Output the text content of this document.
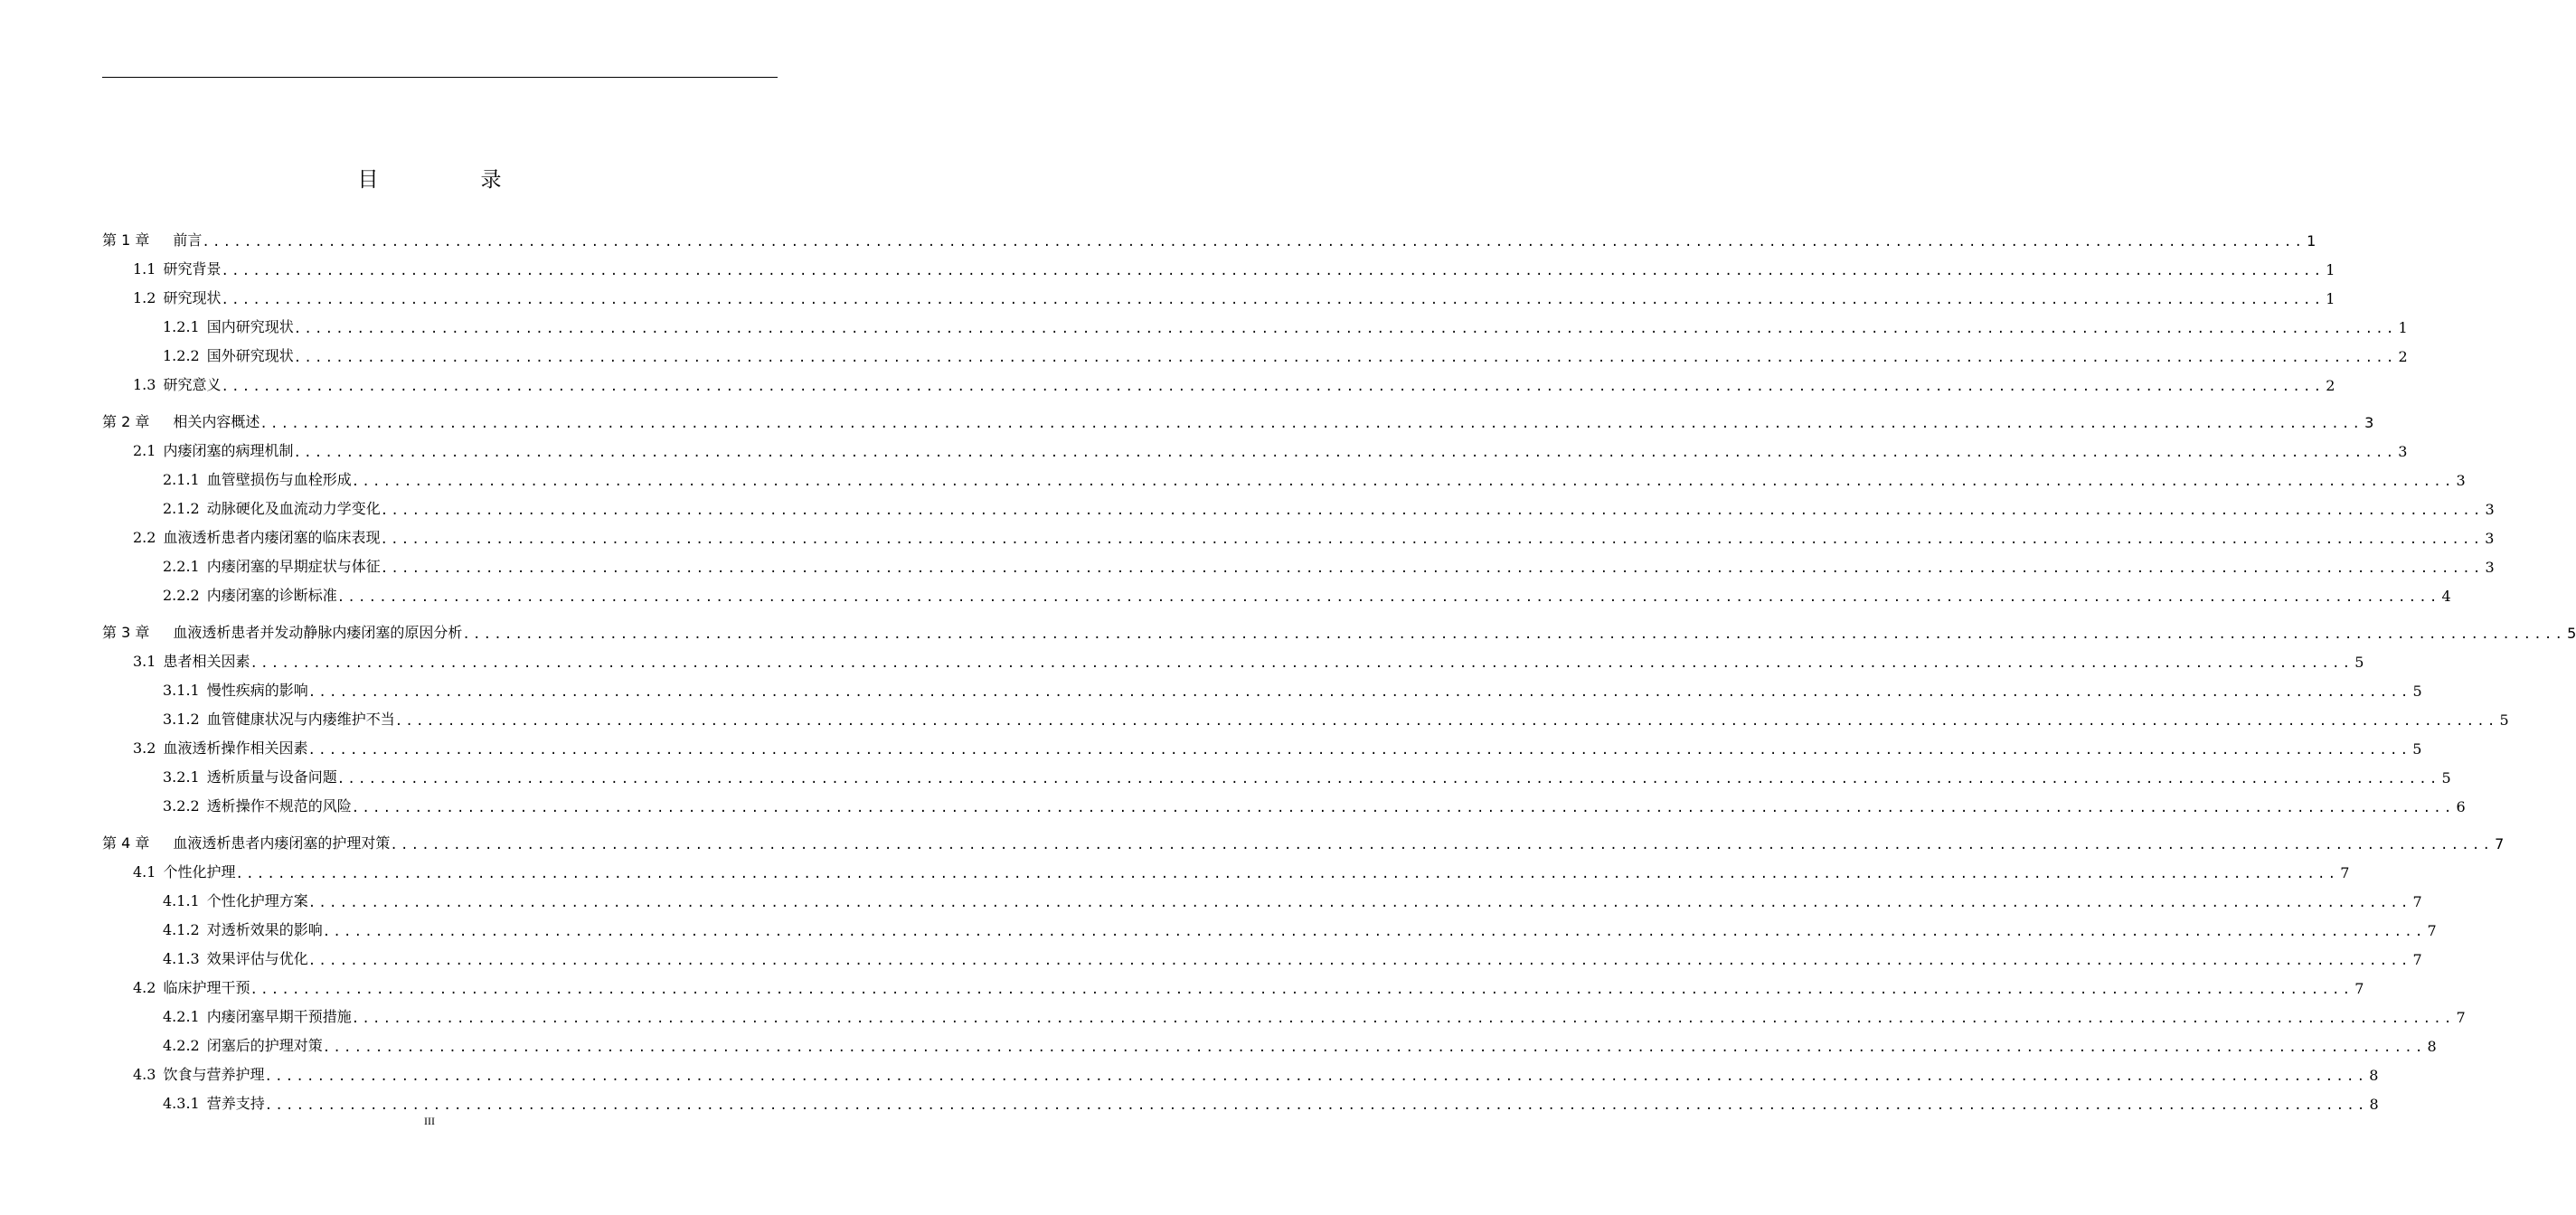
目　录
第 1 章 前言 ........................................................................................................................................................................................................ 1
1.1 研究背景 ........................................................................................................................................................................................................ 1
1.2 研究现状 ........................................................................................................................................................................................................ 1
1.2.1 国内研究现状 ........................................................................................................................................................................................................ 1
1.2.2 国外研究现状 ........................................................................................................................................................................................................ 2
1.3 研究意义 ........................................................................................................................................................................................................ 2
第 2 章 相关内容概述 ........................................................................................................................................................................................................ 3
2.1 内瘘闭塞的病理机制 ........................................................................................................................................................................................................ 3
2.1.1 血管壁损伤与血栓形成 ........................................................................................................................................................................................................ 3
2.1.2 动脉硬化及血流动力学变化 ........................................................................................................................................................................................................ 3
2.2 血液透析患者内瘘闭塞的临床表现 ........................................................................................................................................................................................................ 3
2.2.1 内瘘闭塞的早期症状与体征 ........................................................................................................................................................................................................ 3
2.2.2 内瘘闭塞的诊断标准 ........................................................................................................................................................................................................ 4
第 3 章 血液透析患者并发动静脉内瘘闭塞的原因分析 ........................................................................................................................................................................................................ 5
3.1 患者相关因素 ........................................................................................................................................................................................................ 5
3.1.1 慢性疾病的影响 ........................................................................................................................................................................................................ 5
3.1.2 血管健康状况与内瘘维护不当 ........................................................................................................................................................................................................ 5
3.2 血液透析操作相关因素 ........................................................................................................................................................................................................ 5
3.2.1 透析质量与设备问题 ........................................................................................................................................................................................................ 5
3.2.2 透析操作不规范的风险 ........................................................................................................................................................................................................ 6
第 4 章 血液透析患者内瘘闭塞的护理对策 ........................................................................................................................................................................................................ 7
4.1 个性化护理 ........................................................................................................................................................................................................ 7
4.1.1 个性化护理方案 ........................................................................................................................................................................................................ 7
4.1.2 对透析效果的影响 ........................................................................................................................................................................................................ 7
4.1.3 效果评估与优化 ........................................................................................................................................................................................................ 7
4.2 临床护理干预 ........................................................................................................................................................................................................ 7
4.2.1 内瘘闭塞早期干预措施 ........................................................................................................................................................................................................ 7
4.2.2 闭塞后的护理对策 ........................................................................................................................................................................................................ 8
4.3 饮食与营养护理 ........................................................................................................................................................................................................ 8
4.3.1 营养支持 ........................................................................................................................................................................................................ 8
III
